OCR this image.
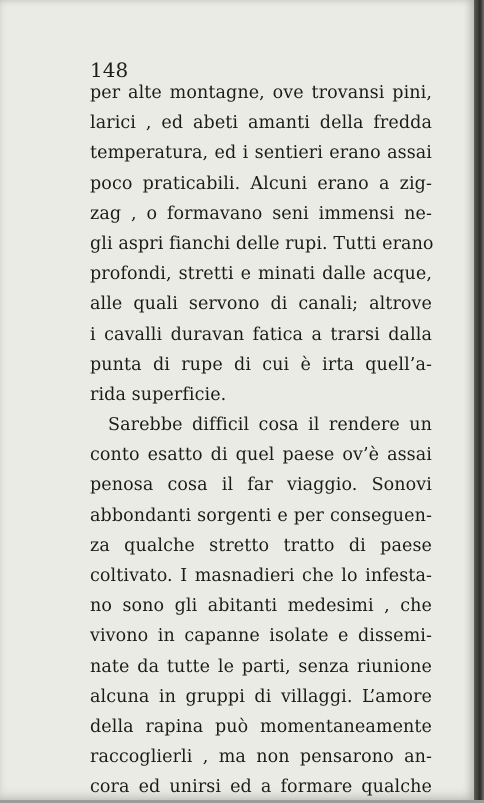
148
per alte montagne, ove trovansi pini,
larici , ed abeti amanti della fredda
temperatura, ed i sentieri erano assai
poco praticabili. Alcuni erano a zig-
zag , o formavano seni immensi ne-
gli aspri fianchi delle rupi. Tutti erano
profondi, stretti e minati dalle acque,
alle quali servono di canali; altrove
i cavalli duravan fatica a trarsi dalla
punta di rupe di cui è irta quell’a-
rida superficie.
Sarebbe difficil cosa il rendere un
conto esatto di quel paese ov’è assai
penosa cosa il far viaggio. Sonovi
abbondanti sorgenti e per conseguen-
za qualche stretto tratto di paese
coltivato. I masnadieri che lo infesta-
no sono gli abitanti medesimi , che
vivono in capanne isolate e dissemi-
nate da tutte le parti, senza riunione
alcuna in gruppi di villaggi. L’amore
della rapina può momentaneamente
raccoglierli , ma non pensarono an-
cora ed unirsi ed a formare qualche
